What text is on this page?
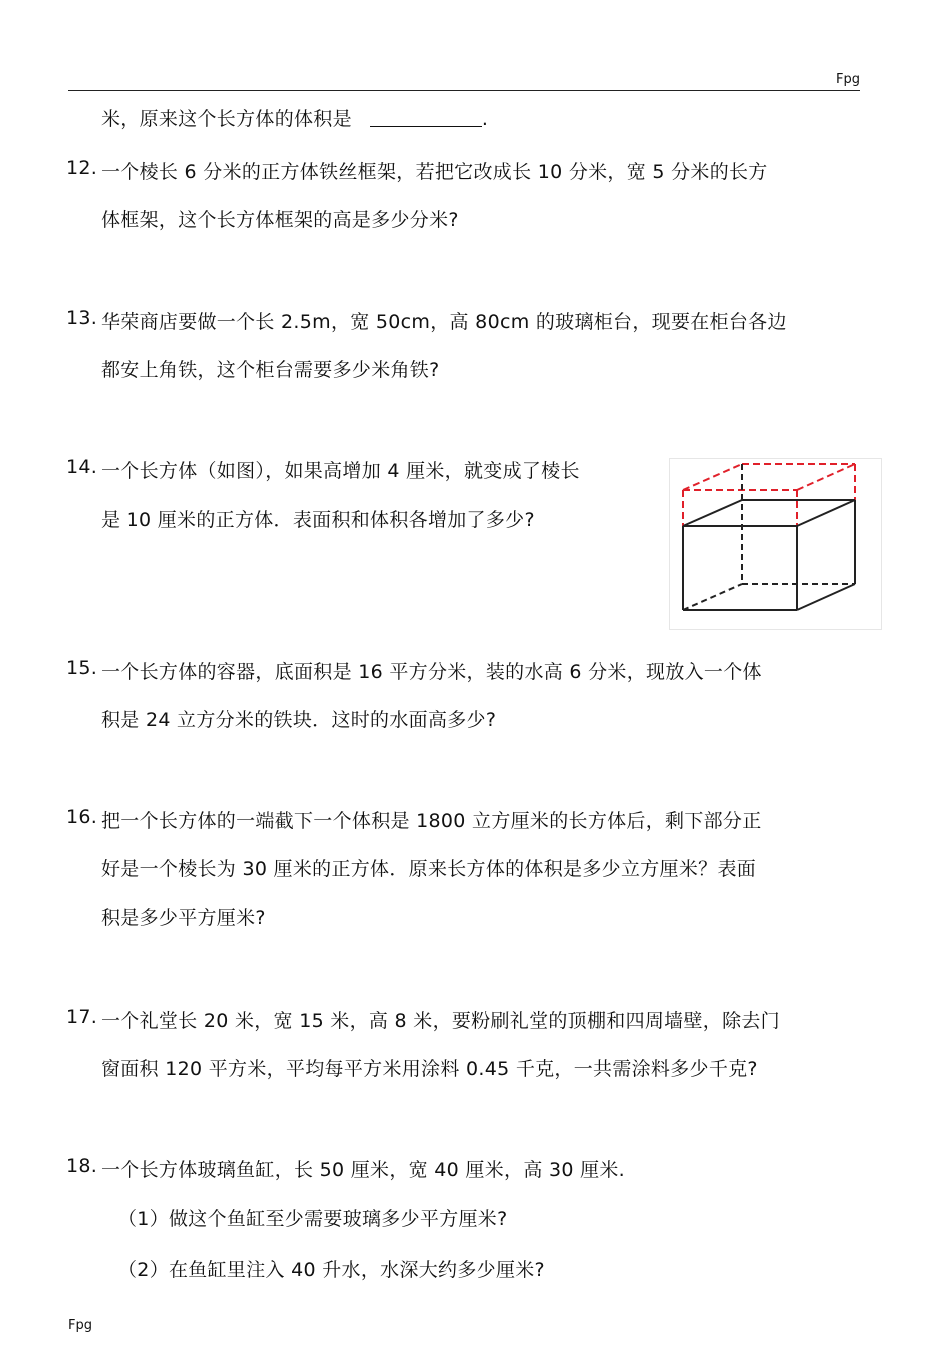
Fpg
米，原来这个长方体的体积是	.
12. 一个棱长 6 分米的正方体铁丝框架，若把它改成长 10 分米，宽 5 分米的长方
体框架，这个长方体框架的高是多少分米?
13. 华荣商店要做一个长 2.5m，宽 50cm，高 80cm 的玻璃柜台，现要在柜台各边
都安上角铁，这个柜台需要多少米角铁?
14. 一个长方体（如图），如果高增加 4 厘米，就变成了棱长
是 10 厘米的正方体．表面积和体积各增加了多少?
15. 一个长方体的容器，底面积是 16 平方分米，装的水高 6 分米，现放入一个体
积是 24 立方分米的铁块．这时的水面高多少?
16. 把一个长方体的一端截下一个体积是 1800 立方厘米的长方体后，剩下部分正
好是一个棱长为 30 厘米的正方体．原来长方体的体积是多少立方厘米？表面
积是多少平方厘米?
17. 一个礼堂长 20 米，宽 15 米，高 8 米，要粉刷礼堂的顶棚和四周墙壁，除去门
窗面积 120 平方米，平均每平方米用涂料 0.45 千克，一共需涂料多少千克?
18. 一个长方体玻璃鱼缸，长 50 厘米，宽 40 厘米，高 30 厘米.
（1）做这个鱼缸至少需要玻璃多少平方厘米?
（2）在鱼缸里注入 40 升水，水深大约多少厘米?
Fpg
